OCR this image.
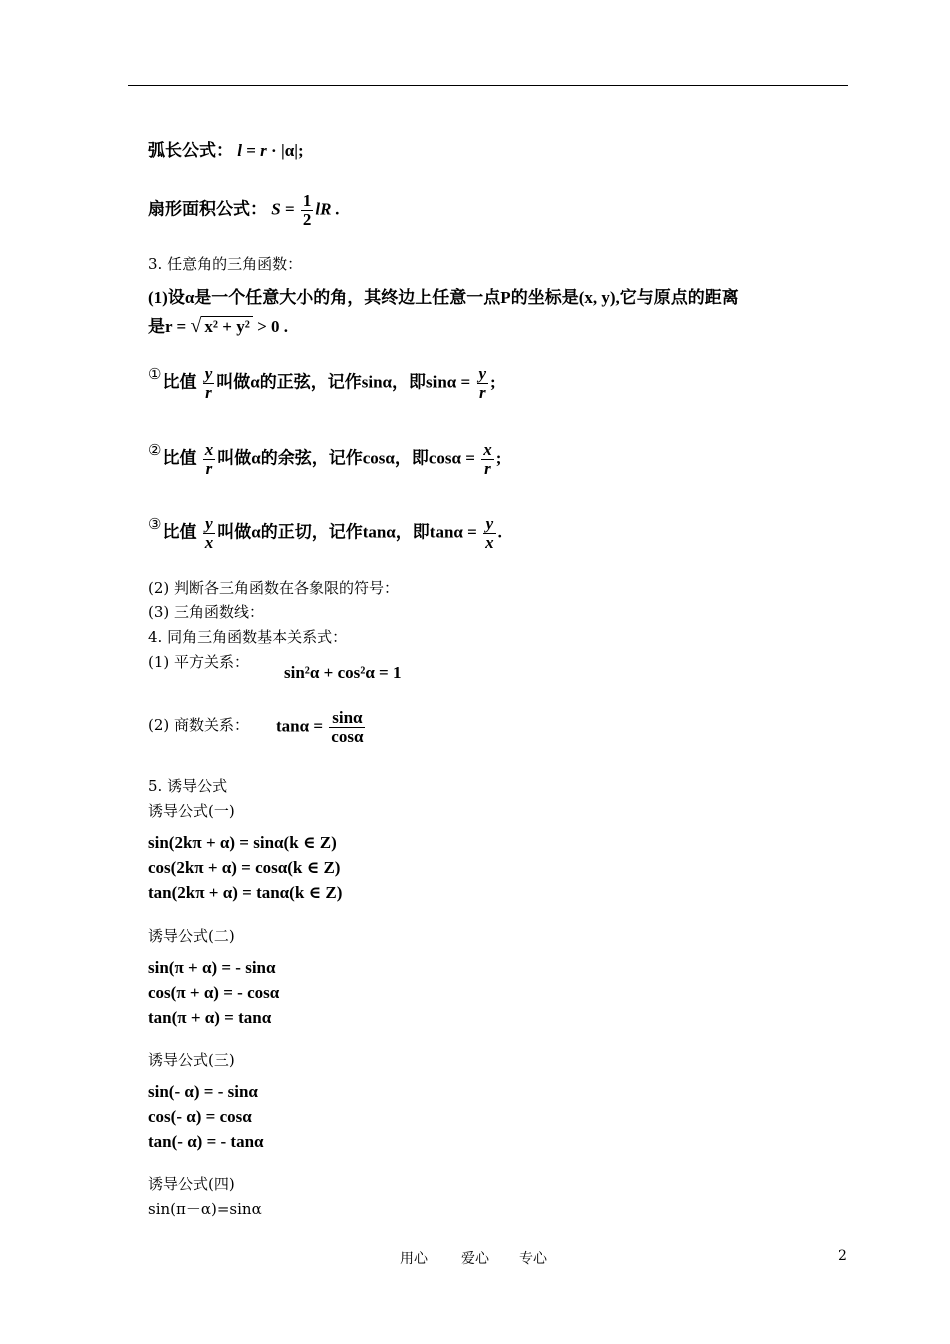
弧长公式： l = r · |α|;
扇形面积公式： $S = \frac{1}{2}$ lR .
3. 任意角的三角函数：
(1)设α是一个任意大小的角，其终边上任意一点P的坐标是(x, y),它与原点的距离
是r = √ x² + y² > 0 .
①比值 $\frac{y}{r}$ 叫做α的正弦，记作sinα，即$\sin\alpha = \frac{y}{r}$ ;
②比值 $\frac{x}{r}$ 叫做α的余弦，记作cosα，即$\cos\alpha = \frac{x}{r}$ ;
③比值 $\frac{y}{x}$ 叫做α的正切，记作tanα，即$\tan\alpha = \frac{y}{x}$ .
(2) 判断各三角函数在各象限的符号：
(3) 三角函数线：
4. 同角三角函数基本关系式：
(1) 平方关系：
sin²α + cos²α = 1
(2) 商数关系： $\tan\alpha = \frac{\sin\alpha}{\cos\alpha}$
5. 诱导公式
诱导公式(一)
sin(2kπ + α) = sinα(k ∈ Z)
cos(2kπ + α) = cosα(k ∈ Z)
tan(2kπ + α) = tanα(k ∈ Z)
诱导公式(二)
sin(π + α) = - sinα
cos(π + α) = - cosα
tan(π + α) = tanα
诱导公式(三)
sin(- α) = - sinα
cos(- α) = cosα
tan(- α) = - tanα
诱导公式(四)
sin(π－α)=sinα
用心 爱心 专心	2
